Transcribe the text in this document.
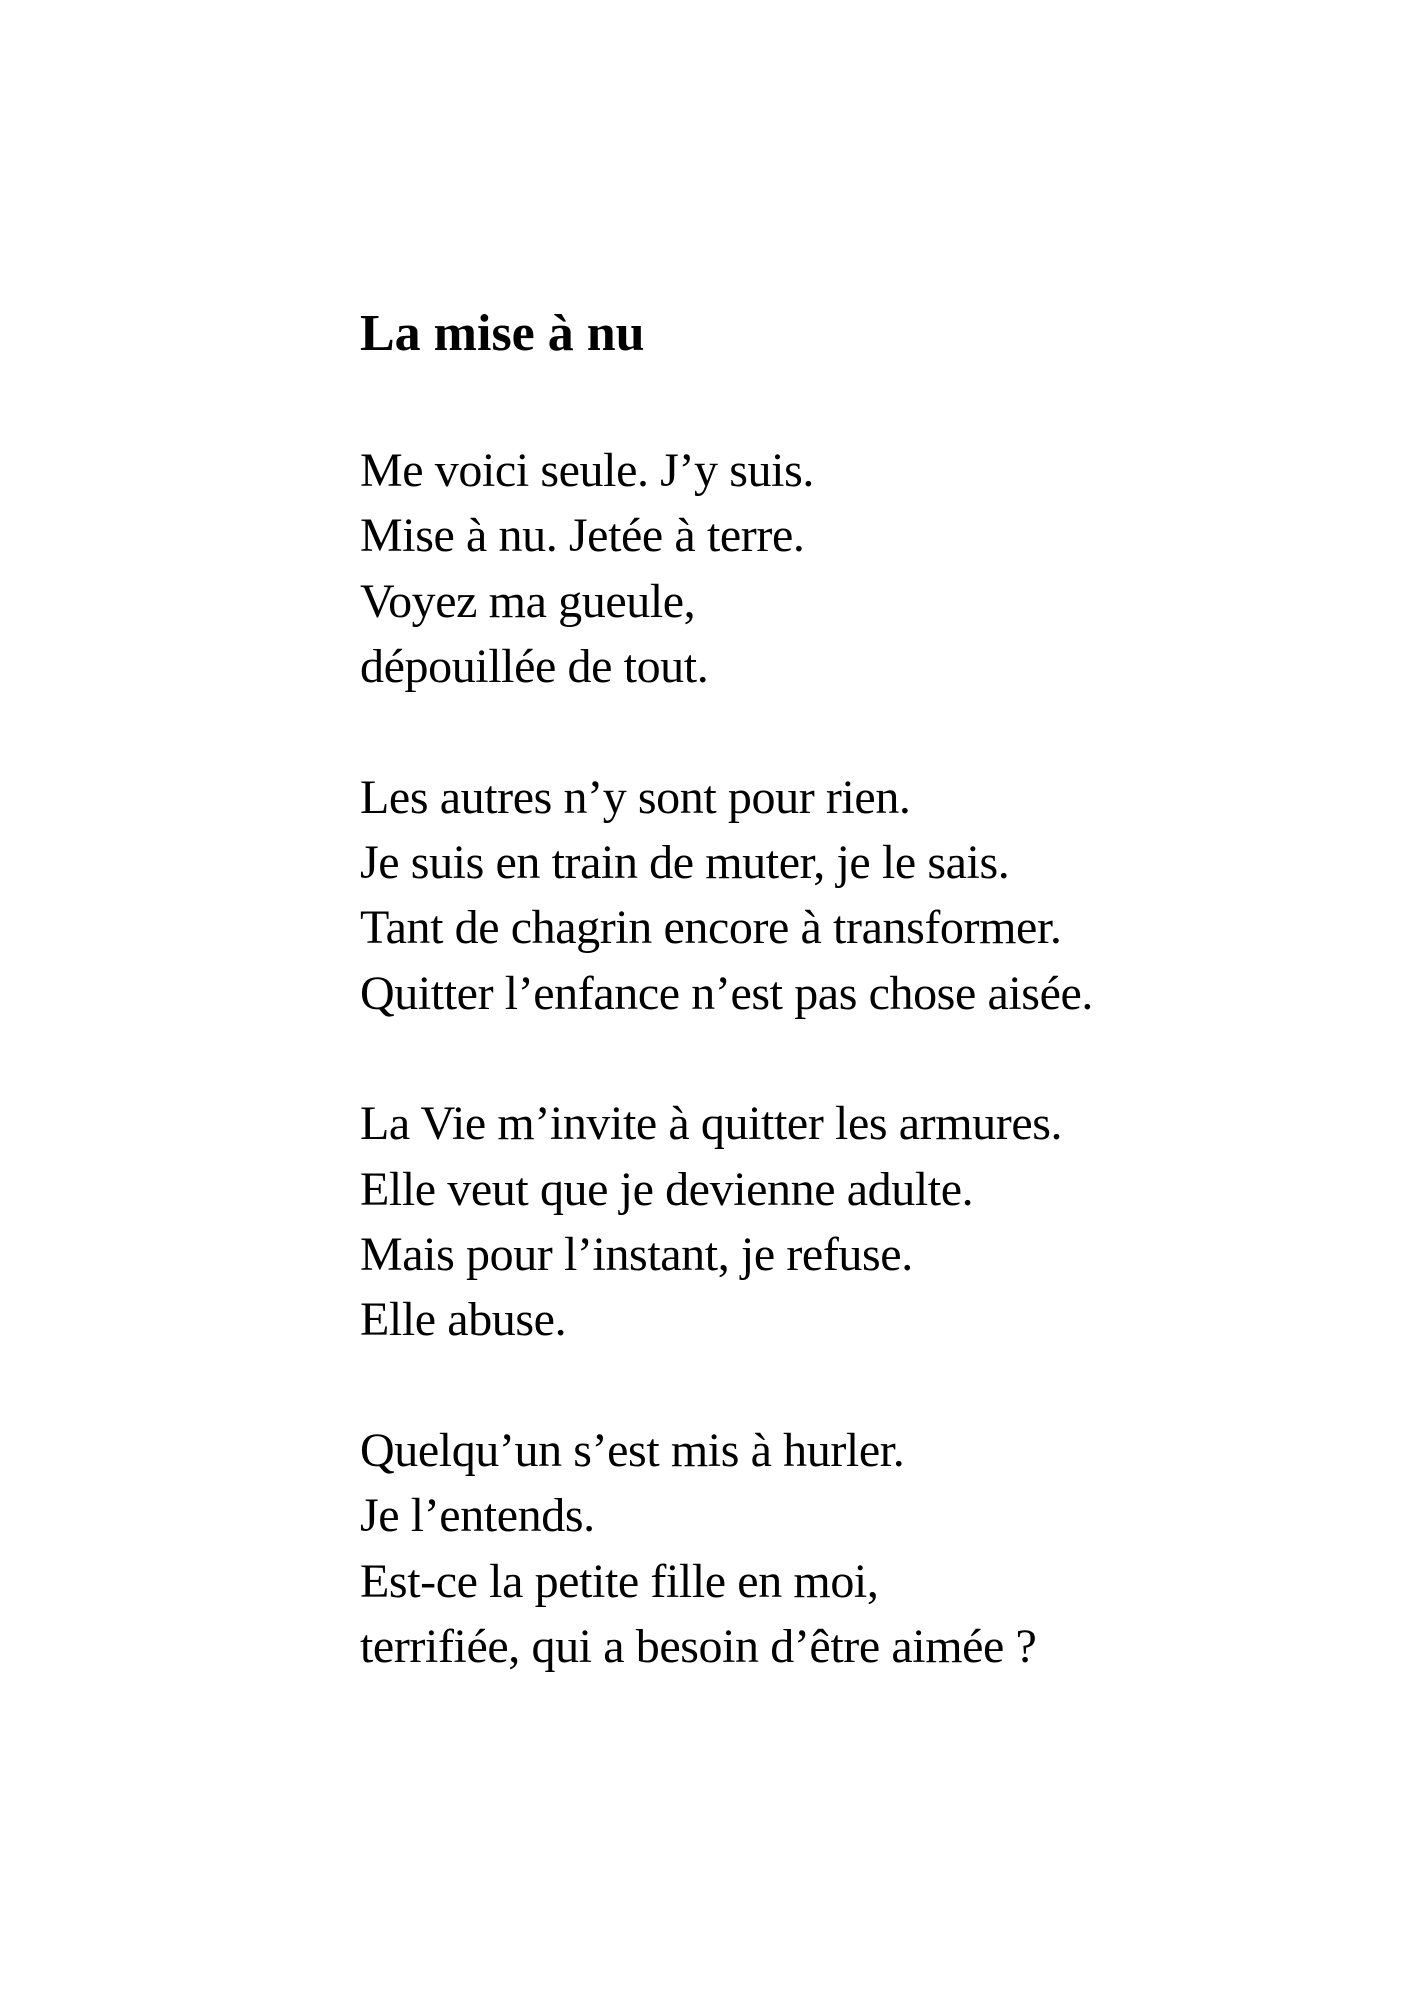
La mise à nu
Me voici seule. J’y suis.
Mise à nu. Jetée à terre.
Voyez ma gueule,
dépouillée de tout.
Les autres n’y sont pour rien.
Je suis en train de muter, je le sais.
Tant de chagrin encore à transformer.
Quitter l’enfance n’est pas chose aisée.
La Vie m’invite à quitter les armures.
Elle veut que je devienne adulte.
Mais pour l’instant, je refuse.
Elle abuse.
Quelqu’un s’est mis à hurler.
Je l’entends.
Est-ce la petite fille en moi,
terrifiée, qui a besoin d’être aimée ?
